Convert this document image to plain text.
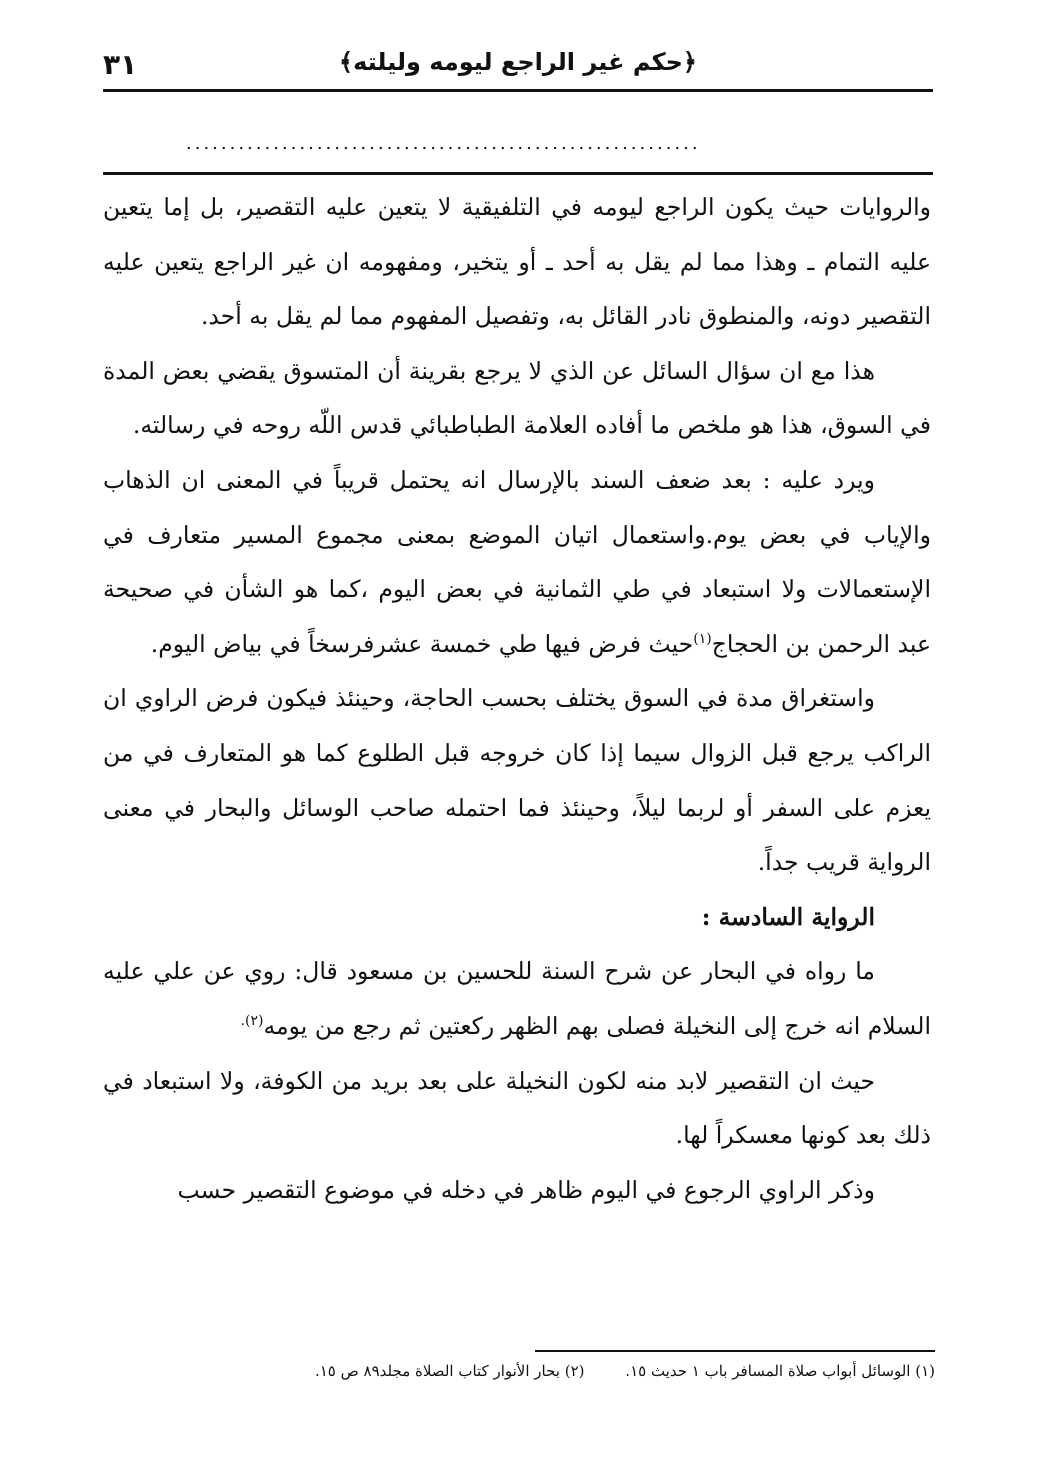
٣١	﴿حكم غير الراجع ليومه وليلته﴾
...........................................................

والروايات حيث يكون الراجع ليومه في التلفيقية لا يتعين عليه التقصير، بل إما يتعين عليه التمام ـ وهذا مما لم يقل به أحد ـ أو يتخير، ومفهومه ان غير الراجع يتعين عليه التقصير دونه، والمنطوق نادر القائل به، وتفصيل المفهوم مما لم يقل به أحد.

هذا مع ان سؤال السائل عن الذي لا يرجع بقرينة أن المتسوق يقضي بعض المدة في السوق، هذا هو ملخص ما أفاده العلامة الطباطبائي قدس اللّه روحه في رسالته.

ويرد عليه : بعد ضعف السند بالإرسال انه يحتمل قريباً في المعنى ان الذهاب والإياب في بعض يوم.واستعمال اتيان الموضع بمعنى مجموع المسير متعارف في الإستعمالات ولا استبعاد في طي الثمانية في بعض اليوم ،كما هو الشأن في صحيحة عبد الرحمن بن الحجاج$^{(١)}$حيث فرض فيها طي خمسة عشرفرسخاً في بياض اليوم.

واستغراق مدة في السوق يختلف بحسب الحاجة، وحينئذ فيكون فرض الراوي ان الراكب يرجع قبل الزوال سيما إذا كان خروجه قبل الطلوع كما هو المتعارف في من يعزم على السفر أو لربما ليلاً، وحينئذ فما احتمله صاحب الوسائل والبحار في معنى الرواية قريب جداً.

الرواية السادسة :

ما رواه في البحار عن شرح السنة للحسين بن مسعود قال: روي عن علي عليه السلام انه خرج إلى النخيلة فصلى بهم الظهر ركعتين ثم رجع من يومه$^{(٢).}$

حيث ان التقصير لابد منه لكون النخيلة على بعد بريد من الكوفة، ولا استبعاد في ذلك بعد كونها معسكراً لها.

وذكر الراوي الرجوع في اليوم ظاهر في دخله في موضوع التقصير حسب

(١) الوسائل أبواب صلاة المسافر باب ١ حديث ١٥. (٢) بحار الأنوار كتاب الصلاة مجلد٨٩ ص ١٥.
